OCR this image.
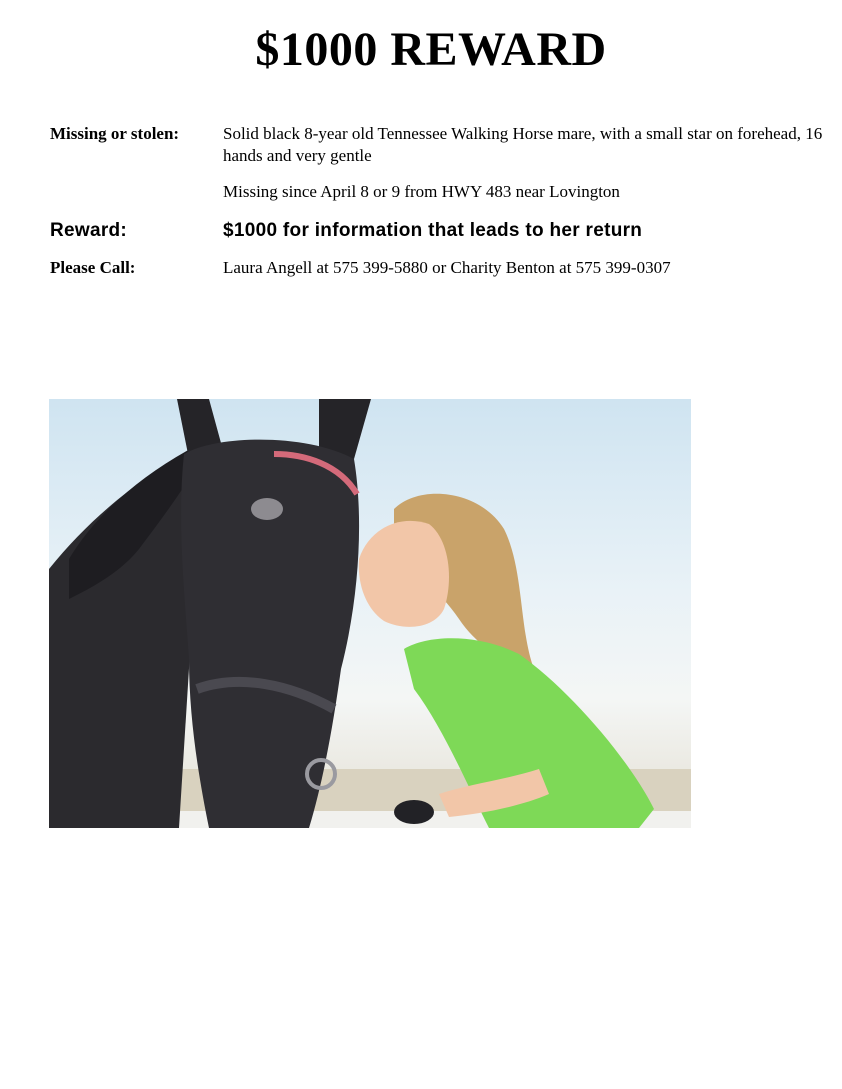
$1000 REWARD
Missing or stolen:	Solid black 8-year old Tennessee Walking Horse mare, with a small star on forehead, 16 hands and very gentle
Missing since April 8 or 9 from HWY 483 near Lovington
Reward:	$1000 for information that leads to her return
Please Call:	Laura Angell at 575 399-5880 or Charity Benton at 575 399-0307
